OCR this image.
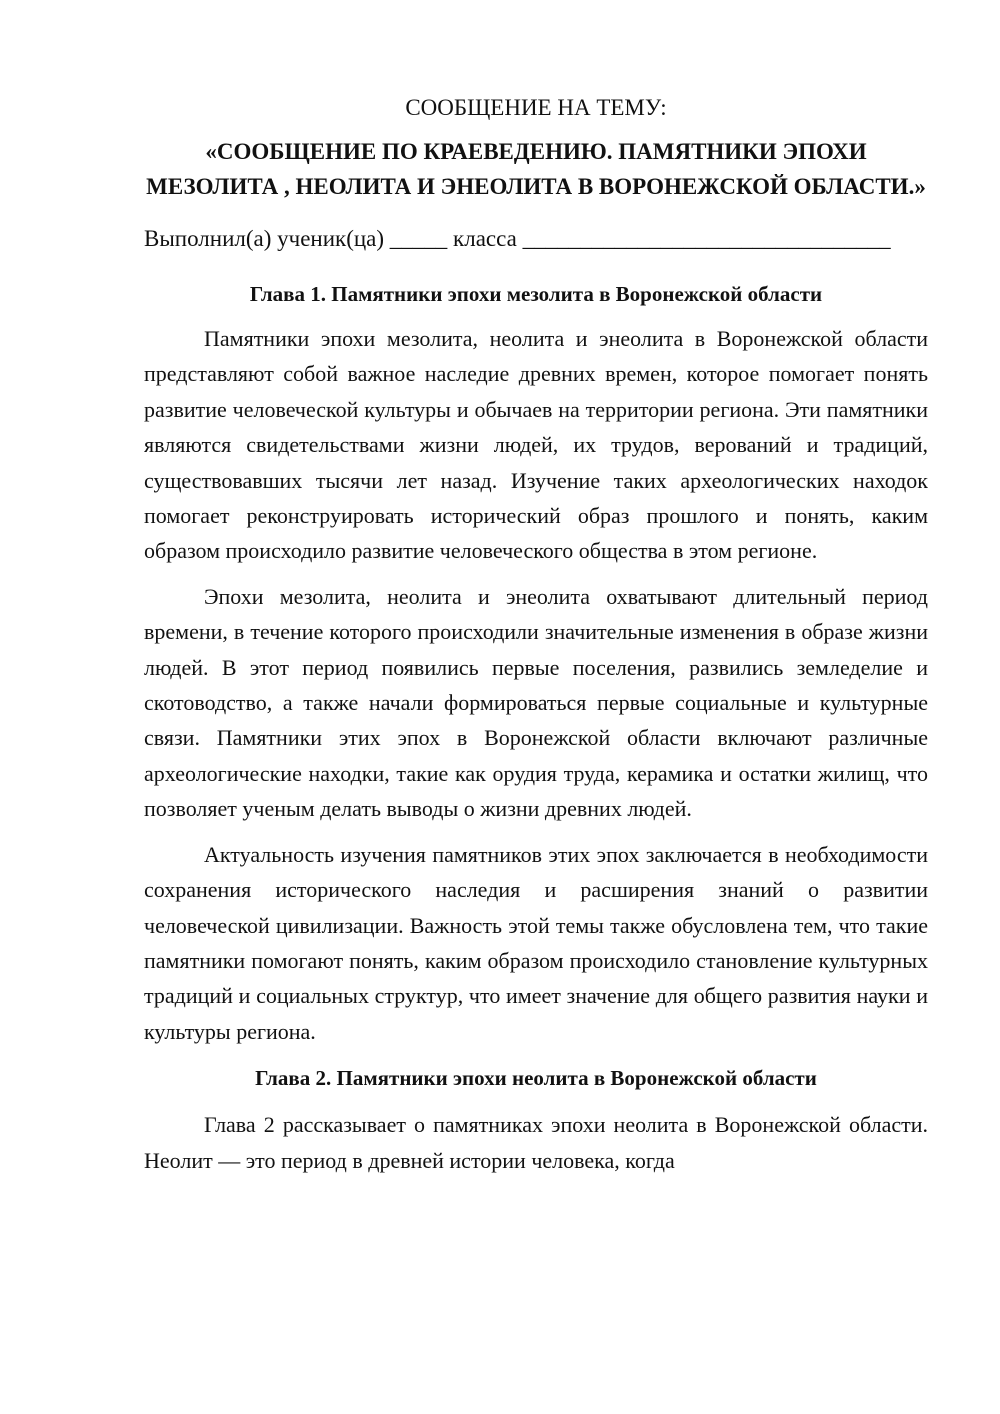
СООБЩЕНИЕ НА ТЕМУ:
«СООБЩЕНИЕ ПО КРАЕВЕДЕНИЮ. ПАМЯТНИКИ ЭПОХИ МЕЗОЛИТА , НЕОЛИТА И ЭНЕОЛИТА В ВОРОНЕЖСКОЙ ОБЛАСТИ.»
Выполнил(а) ученик(ца) _____ класса ________________________________
Глава 1. Памятники эпохи мезолита в Воронежской области

Памятники эпохи мезолита, неолита и энеолита в Воронежской области представляют собой важное наследие древних времен, которое помогает понять развитие человеческой культуры и обычаев на территории региона. Эти памятники являются свидетельствами жизни людей, их трудов, верований и традиций, существовавших тысячи лет назад. Изучение таких археологических находок помогает реконструировать исторический образ прошлого и понять, каким образом происходило развитие человеческого общества в этом регионе.

Эпохи мезолита, неолита и энеолита охватывают длительный период времени, в течение которого происходили значительные изменения в образе жизни людей. В этот период появились первые поселения, развились земледелие и скотоводство, а также начали формироваться первые социальные и культурные связи. Памятники этих эпох в Воронежской области включают различные археологические находки, такие как орудия труда, керамика и остатки жилищ, что позволяет ученым делать выводы о жизни древних людей.

Актуальность изучения памятников этих эпох заключается в необходимости сохранения исторического наследия и расширения знаний о развитии человеческой цивилизации. Важность этой темы также обусловлена тем, что такие памятники помогают понять, каким образом происходило становление культурных традиций и социальных структур, что имеет значение для общего развития науки и культуры региона.

Глава 2. Памятники эпохи неолита в Воронежской области

Глава 2 рассказывает о памятниках эпохи неолита в Воронежской области. Неолит — это период в древней истории человека, когда
